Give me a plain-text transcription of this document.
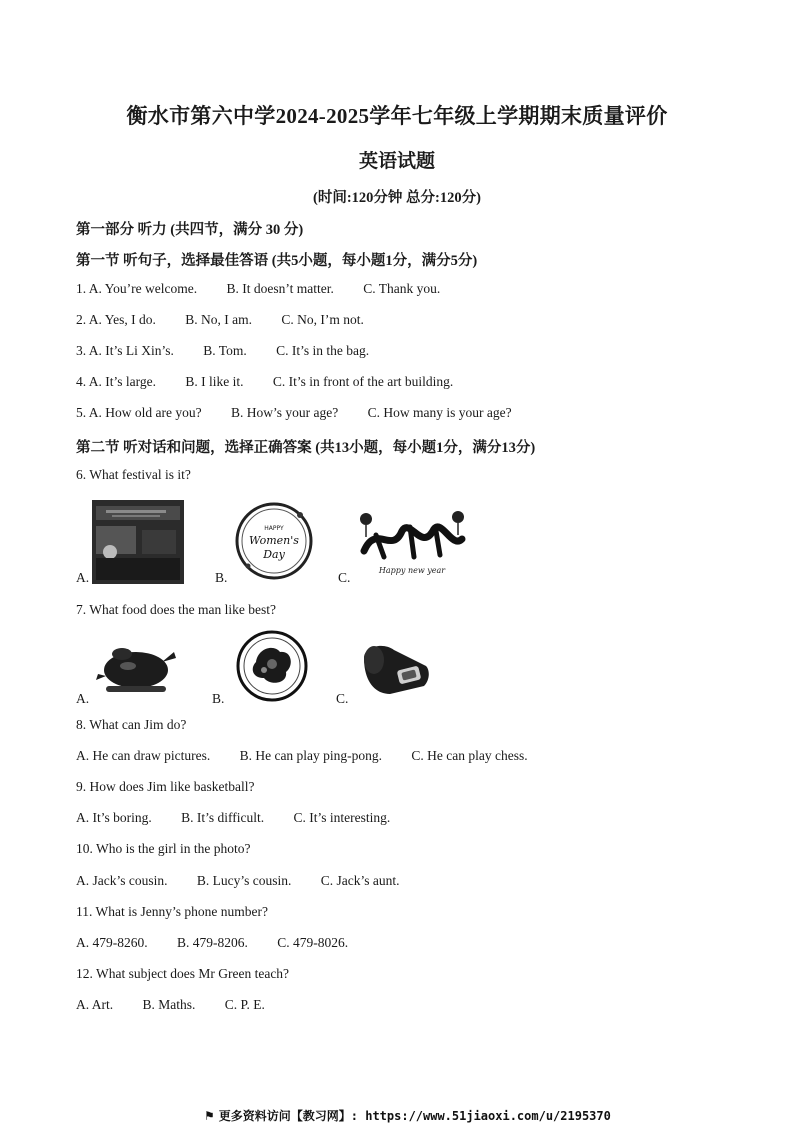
衡水市第六中学2024-2025学年七年级上学期期末质量评价
英语试题
(时间:120分钟 总分:120分)
第一部分 听力 (共四节，满分 30 分)
第一节 听句子，选择最佳答语 (共5小题，每小题1分，满分5分)
1. A. You’re welcome. B. It doesn’t matter. C. Thank you.
2. A. Yes, I do. B. No, I am. C. No, I’m not.
3. A. It’s Li Xin’s. B. Tom. C. It’s in the bag.
4. A. It’s large. B. I like it. C. It’s in front of the art building.
5. A. How old are you? B. How’s your age? C. How many is your age?
第二节 听对话和问题，选择正确答案 (共13小题，每小题1分，满分13分)
6. What festival is it?
HAPPY
Women's
Day
Happy new year
A.	B.	C.
7. What food does the man like best?
A.	B.	C.
8. What can Jim do?
A. He can draw pictures. B. He can play ping-pong. C. He can play chess.
9. How does Jim like basketball?
A. It’s boring. B. It’s difficult. C. It’s interesting.
10. Who is the girl in the photo?
A. Jack’s cousin. B. Lucy’s cousin. C. Jack’s aunt.
11. What is Jenny’s phone number?
A. 479-8260. B. 479-8206. C. 479-8026.
12. What subject does Mr Green teach?
A. Art. B. Maths. C. P. E.
⚑ 更多资料访问【教习网】: https://www.51jiaoxi.com/u/2195370
